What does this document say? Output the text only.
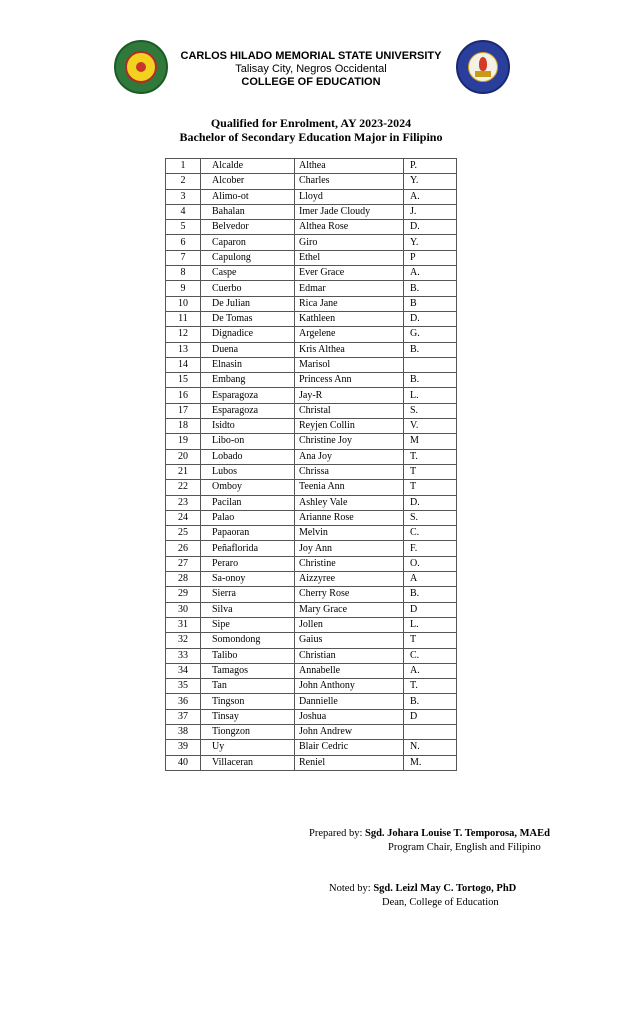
CARLOS HILADO MEMORIAL STATE UNIVERSITY
Talisay City, Negros Occidental
COLLEGE OF EDUCATION
Qualified for Enrolment, AY 2023-2024
Bachelor of Secondary Education Major in Filipino
1	Alcalde	Althea	P.
2	Alcober	Charles	Y.
3	Alimo-ot	Lloyd	A.
4	Bahalan	Imer Jade Cloudy	J.
5	Belvedor	Althea Rose	D.
6	Caparon	Giro	Y.
7	Capulong	Ethel	P
8	Caspe	Ever Grace	A.
9	Cuerbo	Edmar	B.
10	De Julian	Rica Jane	B
11	De Tomas	Kathleen	D.
12	Dignadice	Argelene	G.
13	Duena	Kris Althea	B.
14	Elnasin	Marisol	
15	Embang	Princess Ann	B.
16	Esparagoza	Jay-R	L.
17	Esparagoza	Christal	S.
18	Isidto	Reyjen Collin	V.
19	Libo-on	Christine Joy	M
20	Lobado	Ana Joy	T.
21	Lubos	Chrissa	T
22	Omboy	Teenia Ann	T
23	Pacilan	Ashley Vale	D.
24	Palao	Arianne Rose	S.
25	Papaoran	Melvin	C.
26	Peñaflorida	Joy Ann	F.
27	Peraro	Christine	O.
28	Sa-onoy	Aizzyree	A
29	Sierra	Cherry Rose	B.
30	Silva	Mary Grace	D
31	Sipe	Jollen	L.
32	Somondong	Gaius	T
33	Talibo	Christian	C.
34	Tamagos	Annabelle	A.
35	Tan	John Anthony	T.
36	Tingson	Dannielle	B.
37	Tinsay	Joshua	D
38	Tiongzon	John Andrew	
39	Uy	Blair Cedric	N.
40	Villaceran	Reniel	M.
Prepared by: Sgd. Johara Louise T. Temporosa, MAEd
Program Chair, English and Filipino
Noted by: Sgd. Leizl May C. Tortogo, PhD
Dean, College of Education
